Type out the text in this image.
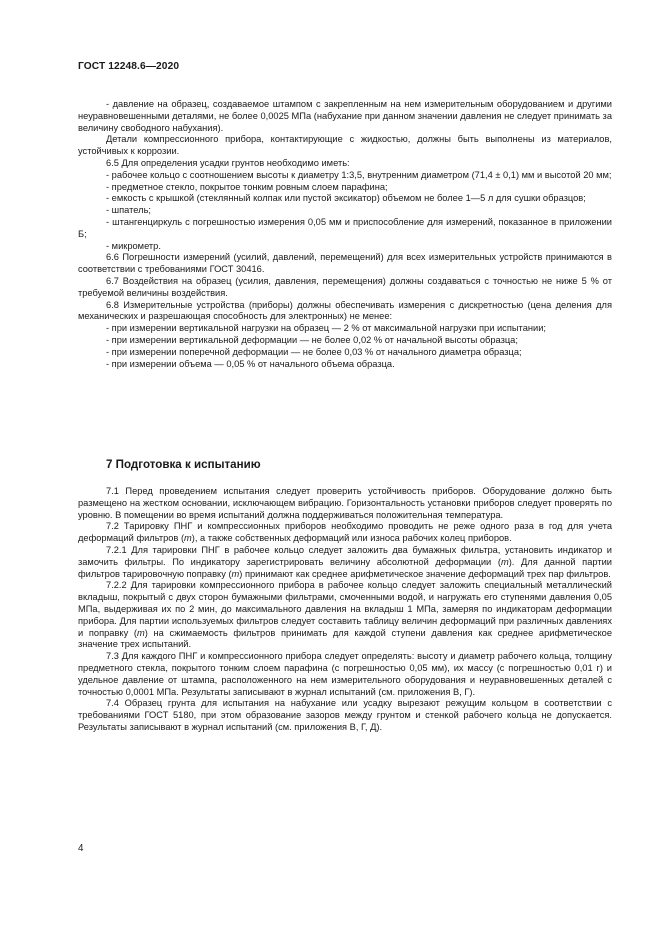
ГОСТ 12248.6—2020

- давление на образец, создаваемое штампом с закрепленным на нем измерительным оборудованием и другими неуравновешенными деталями, не более 0,0025 МПа (набухание при данном значении давления не следует принимать за величину свободного набухания).

Детали компрессионного прибора, контактирующие с жидкостью, должны быть выполнены из материалов, устойчивых к коррозии.

6.5 Для определения усадки грунтов необходимо иметь:

- рабочее кольцо с соотношением высоты к диаметру 1:3,5, внутренним диаметром (71,4 ± 0,1) мм и высотой 20 мм;

- предметное стекло, покрытое тонким ровным слоем парафина;

- емкость с крышкой (стеклянный колпак или пустой эксикатор) объемом не более 1—5 л для сушки образцов;

- шпатель;

- штангенциркуль с погрешностью измерения 0,05 мм и приспособление для измерений, показанное в приложении Б;

- микрометр.

6.6 Погрешности измерений (усилий, давлений, перемещений) для всех измерительных устройств принимаются в соответствии с требованиями ГОСТ 30416.

6.7 Воздействия на образец (усилия, давления, перемещения) должны создаваться с точностью не ниже 5 % от требуемой величины воздействия.

6.8 Измерительные устройства (приборы) должны обеспечивать измерения с дискретностью (цена деления для механических и разрешающая способность для электронных) не менее:

- при измерении вертикальной нагрузки на образец — 2 % от максимальной нагрузки при испытании;

- при измерении вертикальной деформации — не более 0,02 % от начальной высоты образца;

- при измерении поперечной деформации — не более 0,03 % от начального диаметра образца;

- при измерении объема — 0,05 % от начального объема образца.

7 Подготовка к испытанию

7.1 Перед проведением испытания следует проверить устойчивость приборов. Оборудование должно быть размещено на жестком основании, исключающем вибрацию. Горизонтальность установки приборов следует проверять по уровню. В помещении во время испытаний должна поддерживаться положительная температура.

7.2 Тарировку ПНГ и компрессионных приборов необходимо проводить не реже одного раза в год для учета деформаций фильтров (m), а также собственных деформаций или износа рабочих колец приборов.

7.2.1 Для тарировки ПНГ в рабочее кольцо следует заложить два бумажных фильтра, установить индикатор и замочить фильтры. По индикатору зарегистрировать величину абсолютной деформации (m). Для данной партии фильтров тарировочную поправку (m) принимают как среднее арифметическое значение деформаций трех пар фильтров.

7.2.2 Для тарировки компрессионного прибора в рабочее кольцо следует заложить специальный металлический вкладыш, покрытый с двух сторон бумажными фильтрами, смоченными водой, и нагружать его ступенями давления 0,05 МПа, выдерживая их по 2 мин, до максимального давления на вкладыш 1 МПа, замеряя по индикаторам деформации прибора. Для партии используемых фильтров следует составить таблицу величин деформаций при различных давлениях и поправку (m) на сжимаемость фильтров принимать для каждой ступени давления как среднее арифметическое значение трех испытаний.

7.3 Для каждого ПНГ и компрессионного прибора следует определять: высоту и диаметр рабочего кольца, толщину предметного стекла, покрытого тонким слоем парафина (с погрешностью 0,05 мм), их массу (с погрешностью 0,01 г) и удельное давление от штампа, расположенного на нем измерительного оборудования и неуравновешенных деталей с точностью 0,0001 МПа. Результаты записывают в журнал испытаний (см. приложения В, Г).

7.4 Образец грунта для испытания на набухание или усадку вырезают режущим кольцом в соответствии с требованиями ГОСТ 5180, при этом образование зазоров между грунтом и стенкой рабочего кольца не допускается. Результаты записывают в журнал испытаний (см. приложения В, Г, Д).

4
